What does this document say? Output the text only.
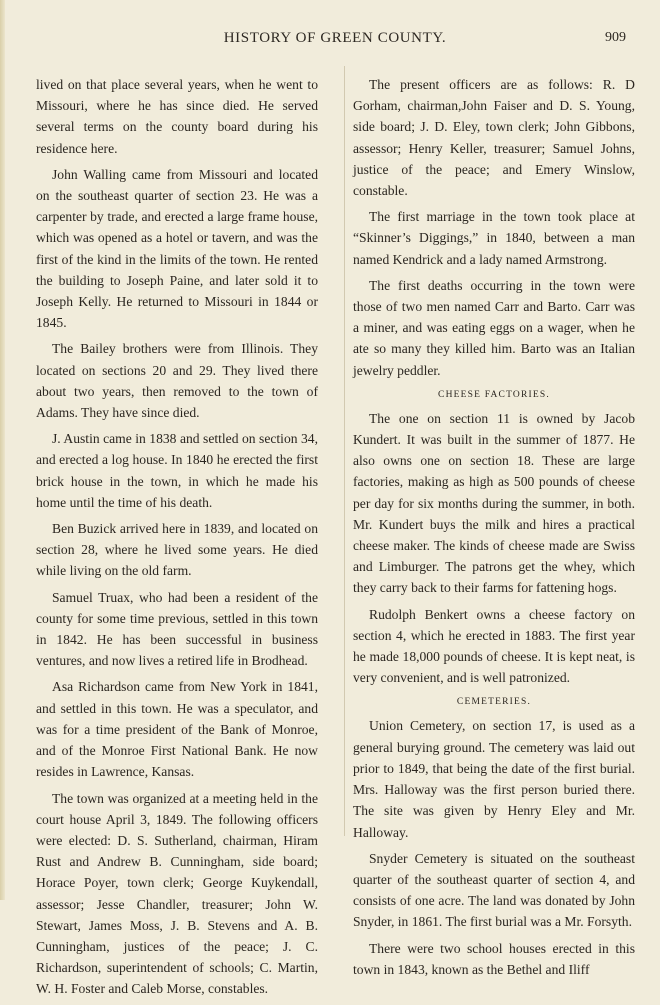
HISTORY OF GREEN COUNTY.	909

lived on that place several years, when he went to Missouri, where he has since died. He served several terms on the county board during his residence here.

John Walling came from Missouri and located on the southeast quarter of section 23. He was a carpenter by trade, and erected a large frame house, which was opened as a hotel or tavern, and was the first of the kind in the limits of the town. He rented the building to Joseph Paine, and later sold it to Joseph Kelly. He returned to Missouri in 1844 or 1845.

The Bailey brothers were from Illinois. They located on sections 20 and 29. They lived there about two years, then removed to the town of Adams. They have since died.

J. Austin came in 1838 and settled on section 34, and erected a log house. In 1840 he erected the first brick house in the town, in which he made his home until the time of his death.

Ben Buzick arrived here in 1839, and located on section 28, where he lived some years. He died while living on the old farm.

Samuel Truax, who had been a resident of the county for some time previous, settled in this town in 1842. He has been successful in business ventures, and now lives a retired life in Brodhead.

Asa Richardson came from New York in 1841, and settled in this town. He was a speculator, and was for a time president of the Bank of Monroe, and of the Monroe First National Bank. He now resides in Lawrence, Kansas.

The town was organized at a meeting held in the court house April 3, 1849. The following officers were elected: D. S. Sutherland, chairman, Hiram Rust and Andrew B. Cunningham, side board; Horace Poyer, town clerk; George Kuykendall, assessor; Jesse Chandler, treasurer; John W. Stewart, James Moss, J. B. Stevens and A. B. Cunningham, justices of the peace; J. C. Richardson, superintendent of schools; C. Martin, W. H. Foster and Caleb Morse, constables.

The present officers are as follows: R. D Gorham, chairman,John Faiser and D. S. Young, side board; J. D. Eley, town clerk; John Gibbons, assessor; Henry Keller, treasurer; Samuel Johns, justice of the peace; and Emery Winslow, constable.

The first marriage in the town took place at “Skinner’s Diggings,” in 1840, between a man named Kendrick and a lady named Armstrong.

The first deaths occurring in the town were those of two men named Carr and Barto. Carr was a miner, and was eating eggs on a wager, when he ate so many they killed him. Barto was an Italian jewelry peddler.

CHEESE FACTORIES.

The one on section 11 is owned by Jacob Kundert. It was built in the summer of 1877. He also owns one on section 18. These are large factories, making as high as 500 pounds of cheese per day for six months during the summer, in both. Mr. Kundert buys the milk and hires a practical cheese maker. The kinds of cheese made are Swiss and Limburger. The patrons get the whey, which they carry back to their farms for fattening hogs.

Rudolph Benkert owns a cheese factory on section 4, which he erected in 1883. The first year he made 18,000 pounds of cheese. It is kept neat, is very convenient, and is well patronized.

CEMETERIES.

Union Cemetery, on section 17, is used as a general burying ground. The cemetery was laid out prior to 1849, that being the date of the first burial. Mrs. Halloway was the first person buried there. The site was given by Henry Eley and Mr. Halloway.

Snyder Cemetery is situated on the southeast quarter of the southeast quarter of section 4, and consists of one acre. The land was donated by John Snyder, in 1861. The first burial was a Mr. Forsyth.

There were two school houses erected in this town in 1843, known as the Bethel and Iliff
